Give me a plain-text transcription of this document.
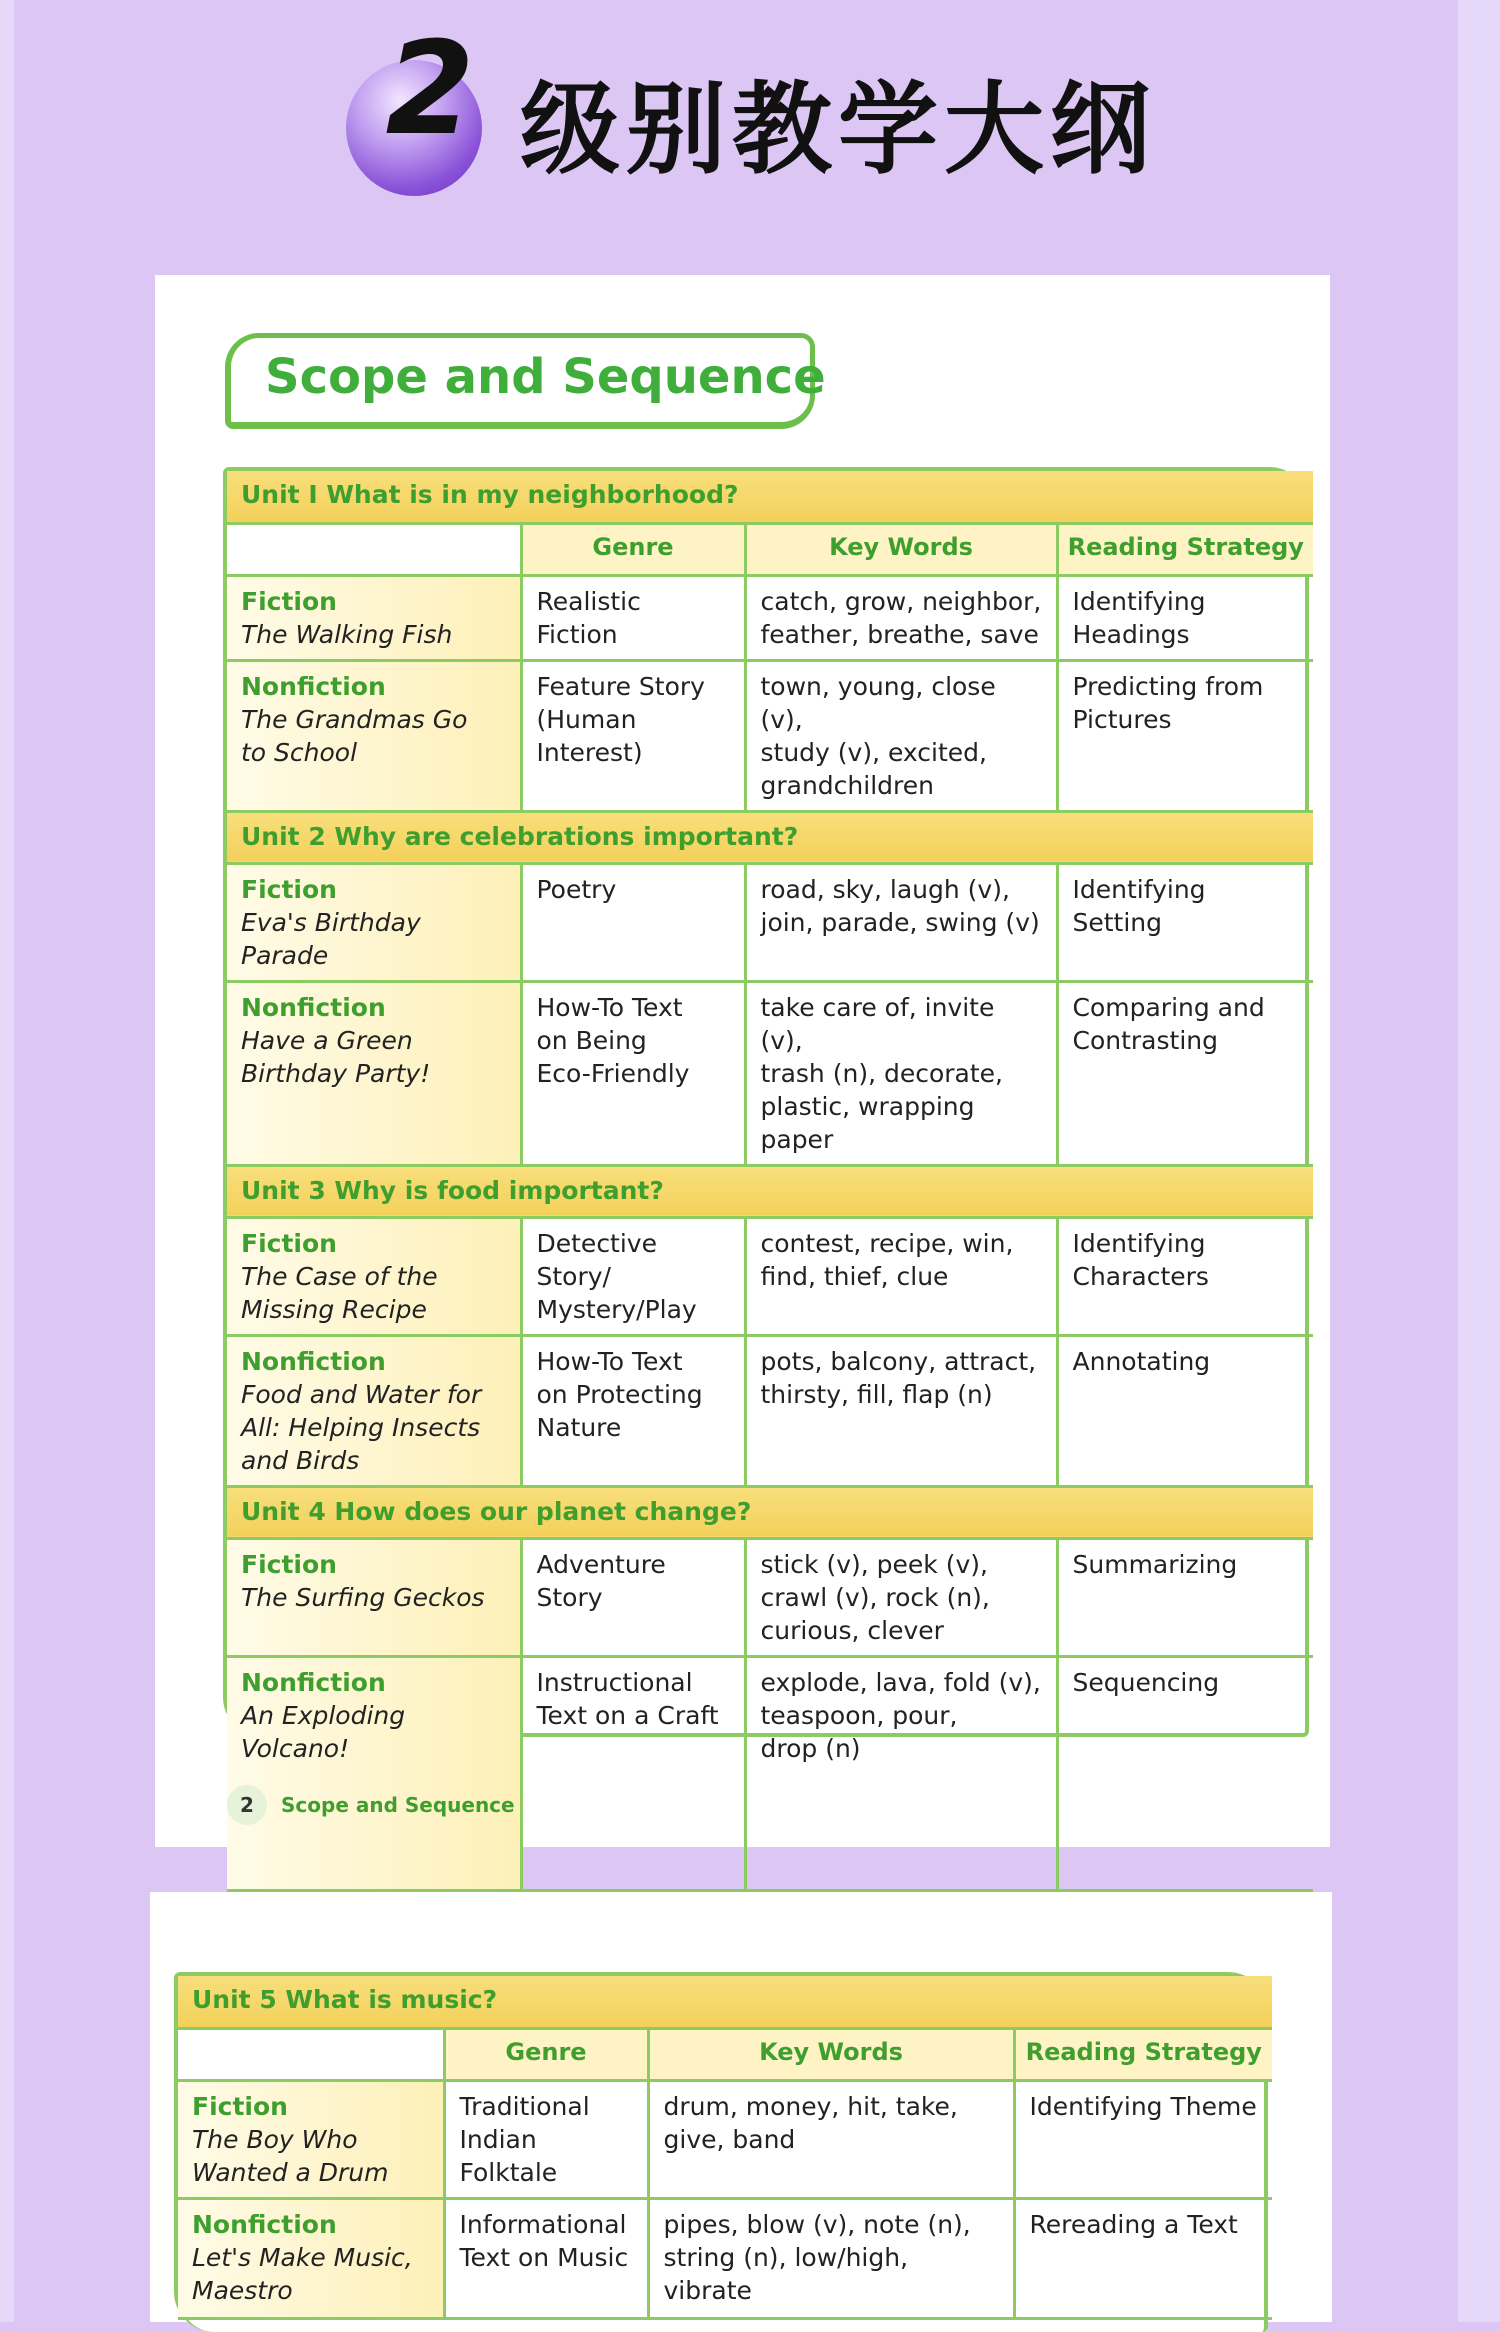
2 级别教学大纲
Scope and Sequence
Unit I What is in my neighborhood?			
	Genre	Key Words	Reading Strategy

Fiction
The Walking Fish	Realistic Fiction	catch, grow, neighbor,
feather, breathe, save	Identifying
Headings

Nonfiction
The Grandmas Go
to School	Feature Story
(Human
Interest)	town, young, close (v),
study (v), excited,
grandchildren	Predicting from
Pictures
Unit 2 Why are celebrations important?			

Fiction
Eva's Birthday Parade	Poetry	road, sky, laugh (v),
join, parade, swing (v)	Identifying Setting

Nonfiction
Have a Green
Birthday Party!	How-To Text
on Being
Eco-Friendly	take care of, invite (v),
trash (n), decorate,
plastic, wrapping paper	Comparing and
Contrasting
Unit 3 Why is food important?			

Fiction
The Case of the
Missing Recipe	Detective Story/
Mystery/Play	contest, recipe, win,
find, thief, clue	Identifying
Characters

Nonfiction
Food and Water for
All: Helping Insects
and Birds	How-To Text
on Protecting
Nature	pots, balcony, attract,
thirsty, fill, flap (n)	Annotating
Unit 4 How does our planet change?			

Fiction
The Surfing Geckos	Adventure Story	stick (v), peek (v),
crawl (v), rock (n),
curious, clever	Summarizing

Nonfiction
An Exploding
Volcano!	Instructional
Text on a Craft	explode, lava, fold (v),
teaspoon, pour,
drop (n)	Sequencing
2	Scope and Sequence
Unit 5 What is music?			
	Genre	Key Words	Reading Strategy

Fiction
The Boy Who
Wanted a Drum	Traditional
Indian
Folktale	drum, money, hit, take,
give, band	Identifying Theme

Nonfiction
Let's Make Music,
Maestro	Informational
Text on Music	pipes, blow (v), note (n),
string (n), low/high, vibrate	Rereading a Text
